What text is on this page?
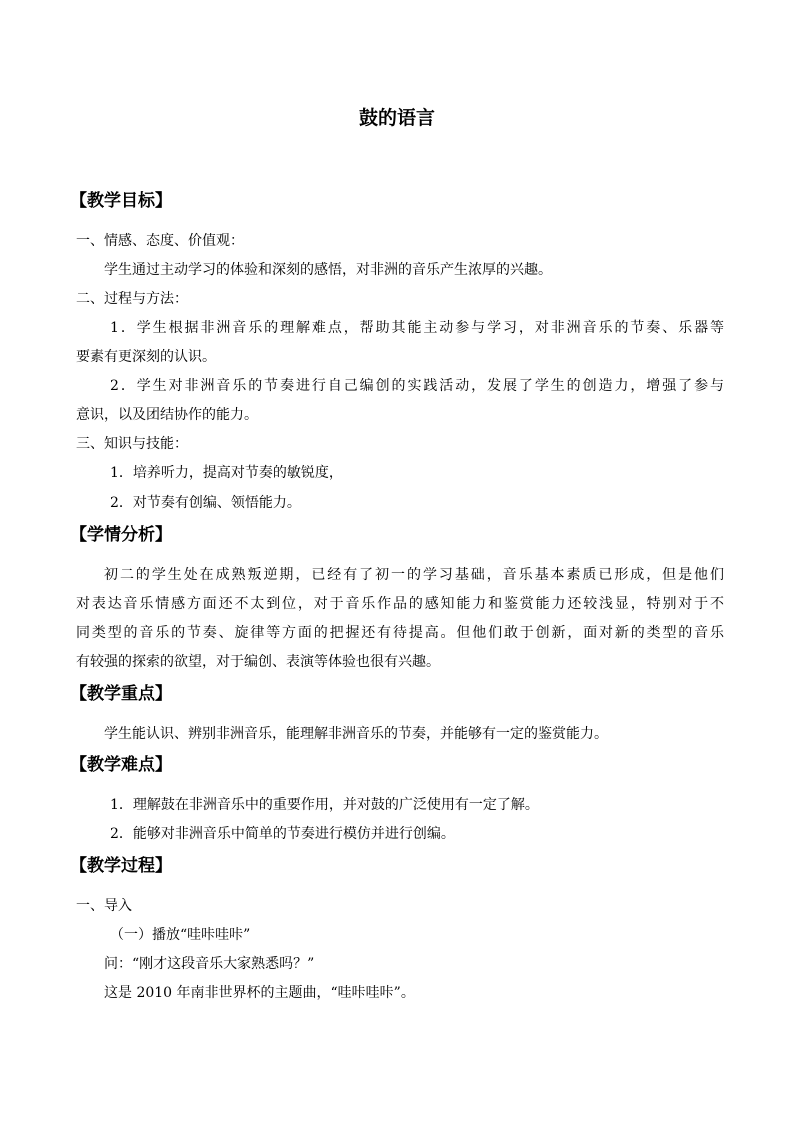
鼓的语言
【教学目标】
一、情感、态度、价值观：
学生通过主动学习的体验和深刻的感悟，对非洲的音乐产生浓厚的兴趣。
二、过程与方法：
1．学生根据非洲音乐的理解难点，帮助其能主动参与学习，对非洲音乐的节奏、乐器等
要素有更深刻的认识。
2．学生对非洲音乐的节奏进行自己编创的实践活动，发展了学生的创造力，增强了参与
意识，以及团结协作的能力。
三、知识与技能：
1．培养听力，提高对节奏的敏锐度，
2．对节奏有创编、领悟能力。
【学情分析】
初二的学生处在成熟叛逆期，已经有了初一的学习基础，音乐基本素质已形成，但是他们
对表达音乐情感方面还不太到位，对于音乐作品的感知能力和鉴赏能力还较浅显，特别对于不
同类型的音乐的节奏、旋律等方面的把握还有待提高。但他们敢于创新，面对新的类型的音乐
有较强的探索的欲望，对于编创、表演等体验也很有兴趣。
【教学重点】
学生能认识、辨别非洲音乐，能理解非洲音乐的节奏，并能够有一定的鉴赏能力。
【教学难点】
1．理解鼓在非洲音乐中的重要作用，并对鼓的广泛使用有一定了解。
2．能够对非洲音乐中简单的节奏进行模仿并进行创编。
【教学过程】
一、导入
（一）播放“哇咔哇咔”
问：“刚才这段音乐大家熟悉吗？”
这是 2010 年南非世界杯的主题曲，“哇咔哇咔”。
